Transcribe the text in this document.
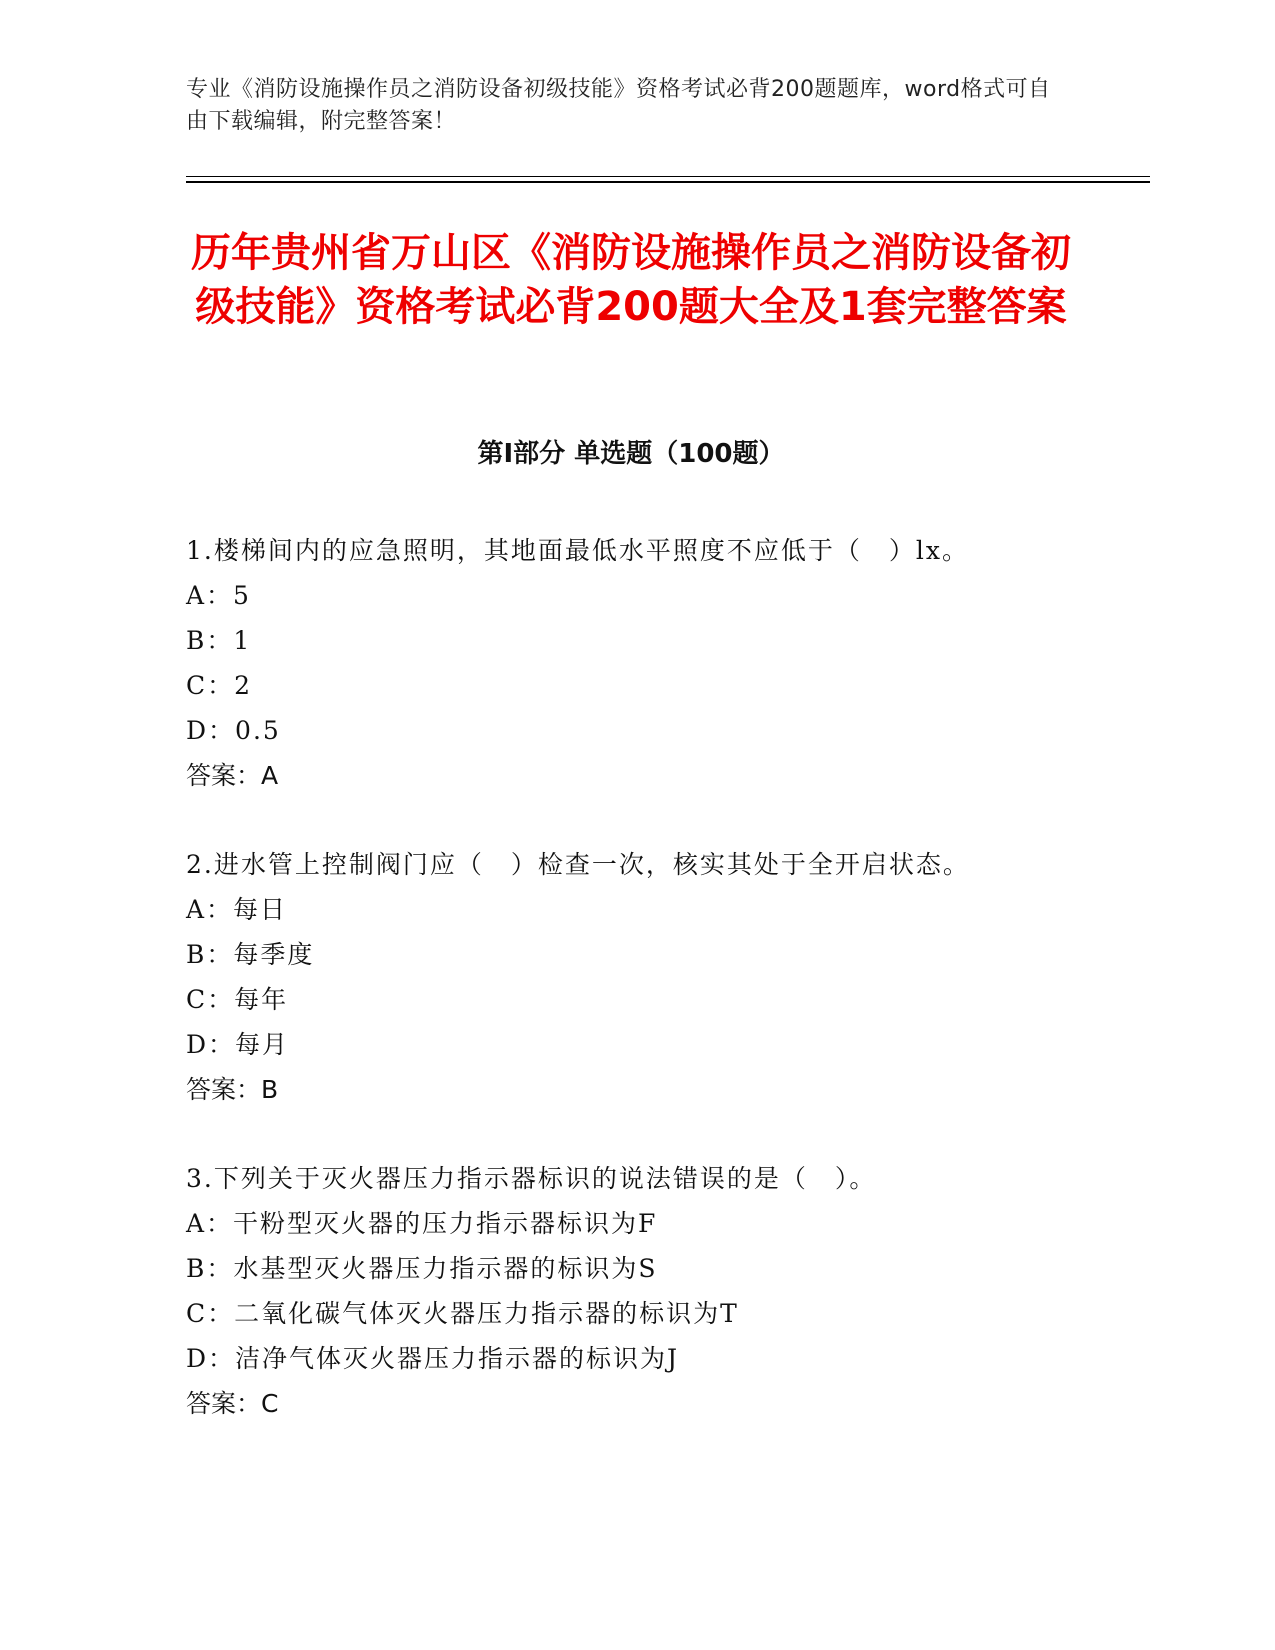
专业《消防设施操作员之消防设备初级技能》资格考试必背200题题库，word格式可自由下载编辑，附完整答案！
历年贵州省万山区《消防设施操作员之消防设备初级技能》资格考试必背200题大全及1套完整答案
第I部分 单选题（100题）
1.楼梯间内的应急照明，其地面最低水平照度不应低于（　）lx。
A：5
B：1
C：2
D：0.5
答案：A
2.进水管上控制阀门应（　）检查一次，核实其处于全开启状态。
A：每日
B：每季度
C：每年
D：每月
答案：B
3.下列关于灭火器压力指示器标识的说法错误的是（　）。
A：干粉型灭火器的压力指示器标识为F
B：水基型灭火器压力指示器的标识为S
C：二氧化碳气体灭火器压力指示器的标识为T
D：洁净气体灭火器压力指示器的标识为J
答案：C
